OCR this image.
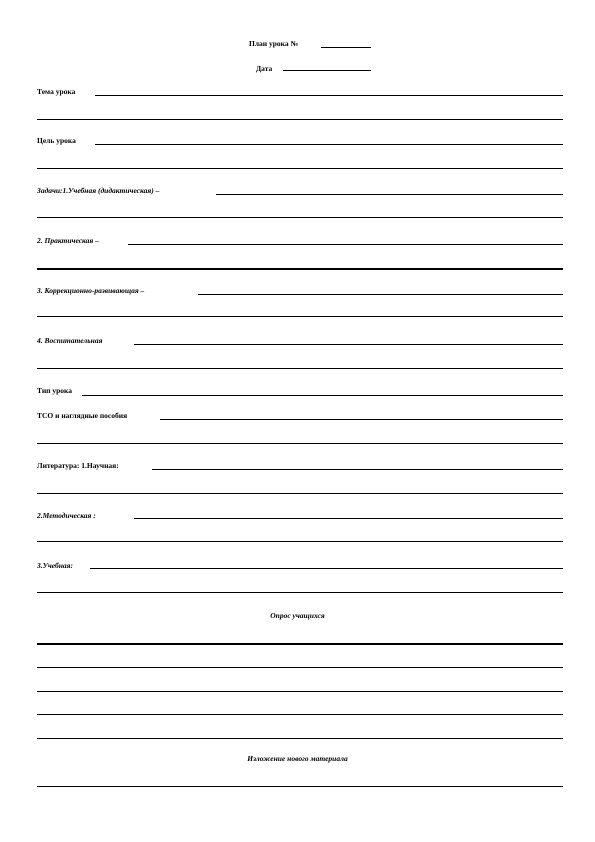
План урока №
Дата
Тема урока
Цель урока
Задачи:1.Учебная (дидактическая) –
2. Практическая –
3. Коррекционно-развивающая –
4. Воспитательная
Тип урока
ТСО и наглядные пособия
Литература: 1.Научная:
2.Методическая :
3.Учебная:
Опрос учащихся
Изложение нового материала
